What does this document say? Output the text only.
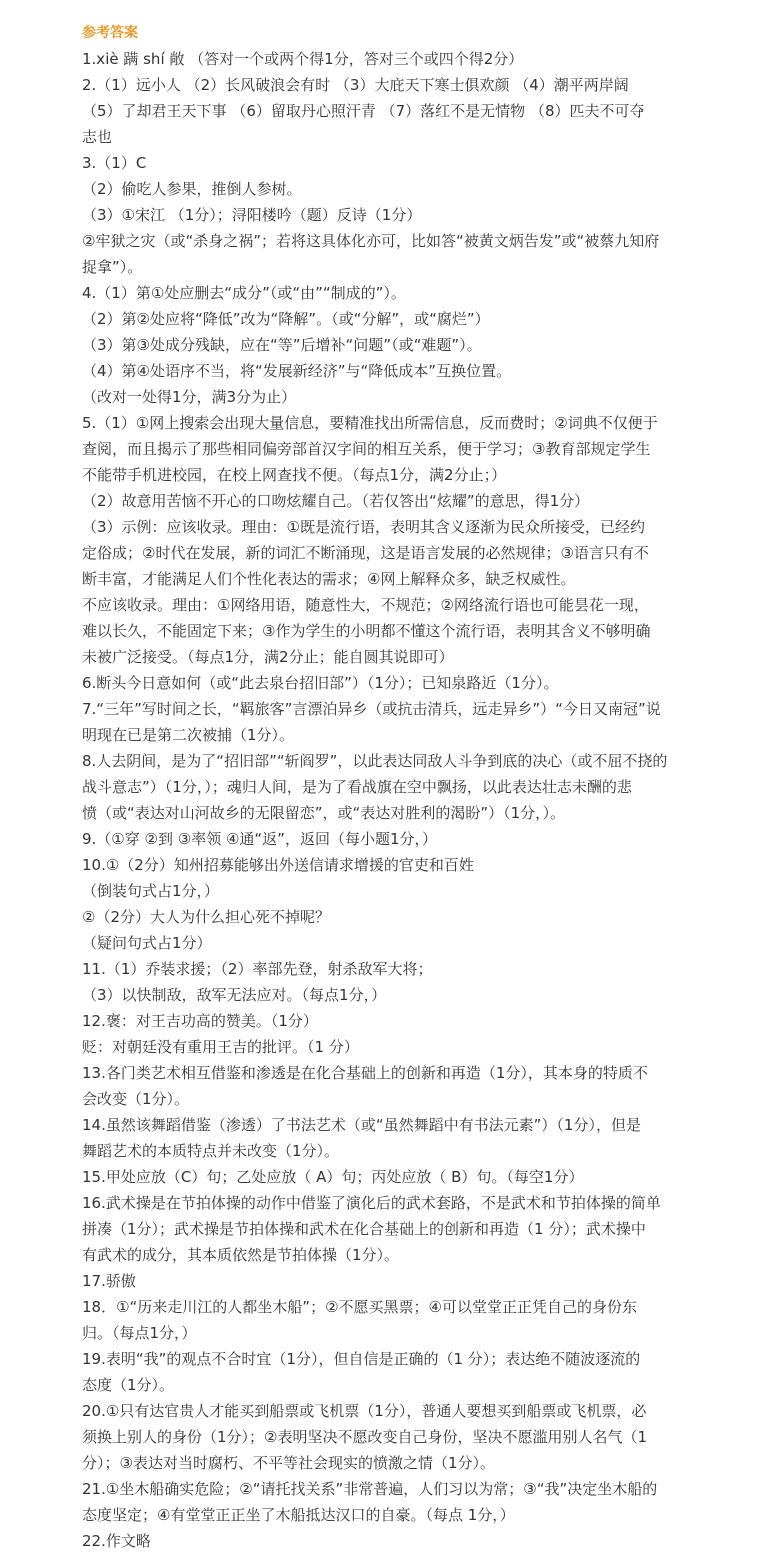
参考答案

1.xiè 蹒 shí 敞 （答对一个或两个得1分，答对三个或四个得2分）

2.（1）远小人 （2）长风破浪会有时 （3）大庇天下寒士俱欢颜 （4）潮平两岸阔

（5）了却君王天下事 （6）留取丹心照汗青 （7）落红不是无情物 （8）匹夫不可夺

志也

3.（1）C

（2）偷吃人参果，推倒人参树。

（3）①宋江 （1分）；浔阳楼吟（题）反诗（1分）

②牢狱之灾（或“杀身之祸”；若将这具体化亦可，比如答“被黄文炳告发”或“被蔡九知府

捉拿”）。

4.（1）第①处应删去“成分”（或“由”“制成的”）。

（2）第②处应将“降低”改为“降解”。（或“分解”，或“腐烂”）

（3）第③处成分残缺，应在“等”后增补“问题”（或“难题”）。

（4）第④处语序不当，将“发展新经济”与“降低成本”互换位置。

（改对一处得1分，满3分为止）

5.（1）①网上搜索会出现大量信息，要精准找出所需信息，反而费时；②词典不仅便于

查阅，而且揭示了那些相同偏旁部首汉字间的相互关系，便于学习；③教育部规定学生

不能带手机进校园，在校上网查找不便。（每点1分，满2分止；）

（2）故意用苦恼不开心的口吻炫耀自己。（若仅答出“炫耀”的意思，得1分）

（3）示例：应该收录。理由：①既是流行语，表明其含义逐渐为民众所接受，已经约

定俗成；②时代在发展，新的词汇不断涌现，这是语言发展的必然规律；③语言只有不

断丰富，才能满足人们个性化表达的需求；④网上解释众多，缺乏权威性。

不应该收录。理由：①网络用语，随意性大，不规范；②网络流行语也可能昙花一现，

难以长久，不能固定下来；③作为学生的小明都不懂这个流行语，表明其含义不够明确

未被广泛接受。（每点1分，满2分止；能自圆其说即可）

6.断头今日意如何（或“此去泉台招旧部”）（1分）；已知泉路近（1分）。

7.“三年”写时间之长，“羁旅客”言漂泊异乡（或抗击清兵，远走异乡”）“今日又南冠”说

明现在已是第二次被捕（1分）。

8.人去阴间，是为了“招旧部”“斩阎罗”，以此表达同敌人斗争到底的决心（或不屈不挠的

战斗意志”）（1分，）；魂归人间，是为了看战旗在空中飘扬，以此表达壮志未酬的悲

愤（或“表达对山河故乡的无限留恋”，或“表达对胜利的渴盼”）（1分，）。

9.（①穿 ②到 ③率领 ④通“返”，返回（每小题1分，）

10.①（2分）知州招募能够出外送信请求增援的官吏和百姓

（倒装句式占1分，）

②（2分）大人为什么担心死不掉呢？

（疑问句式占1分）

11.（1）乔装求援；（2）率部先登，射杀敌军大将；

（3）以快制敌，敌军无法应对。（每点1分，）

12.褒：对王吉功高的赞美。（1分）

贬：对朝廷没有重用王吉的批评。（1 分）

13.各门类艺术相互借鉴和渗透是在化合基础上的创新和再造（1分），其本身的特质不

会改变（1分）。

14.虽然该舞蹈借鉴（渗透）了书法艺术（或“虽然舞蹈中有书法元素”）（1分），但是

舞蹈艺术的本质特点并未改变（1分）。

15.甲处应放（C）句；乙处应放（ A）句；丙处应放（ B）句。（每空1分）

16.武术操是在节拍体操的动作中借鉴了演化后的武术套路，不是武术和节拍体操的简单

拼凑（1分）；武术操是节拍体操和武术在化合基础上的创新和再造（1 分）；武术操中

有武术的成分，其本质依然是节拍体操（1分）。

17.骄傲

18．①“历来走川江的人都坐木船”；②不愿买黑票；④可以堂堂正正凭自己的身份东

归。（每点1分，）

19.表明“我”的观点不合时宜（1分），但自信是正确的（1 分）；表达绝不随波逐流的

态度（1分）。

20.①只有达官贵人才能买到船票或飞机票（1分），普通人要想买到船票或飞机票，必

须换上别人的身份（1分）；②表明坚决不愿改变自己身份，坚决不愿滥用别人名气（1

分）；③表达对当时腐朽、不平等社会现实的愤激之情（1分）。

21.①坐木船确实危险；②“请托找关系”非常普遍，人们习以为常；③“我”决定坐木船的

态度坚定；④有堂堂正正坐了木船抵达汉口的自豪。（每点 1分，）

22.作文略
